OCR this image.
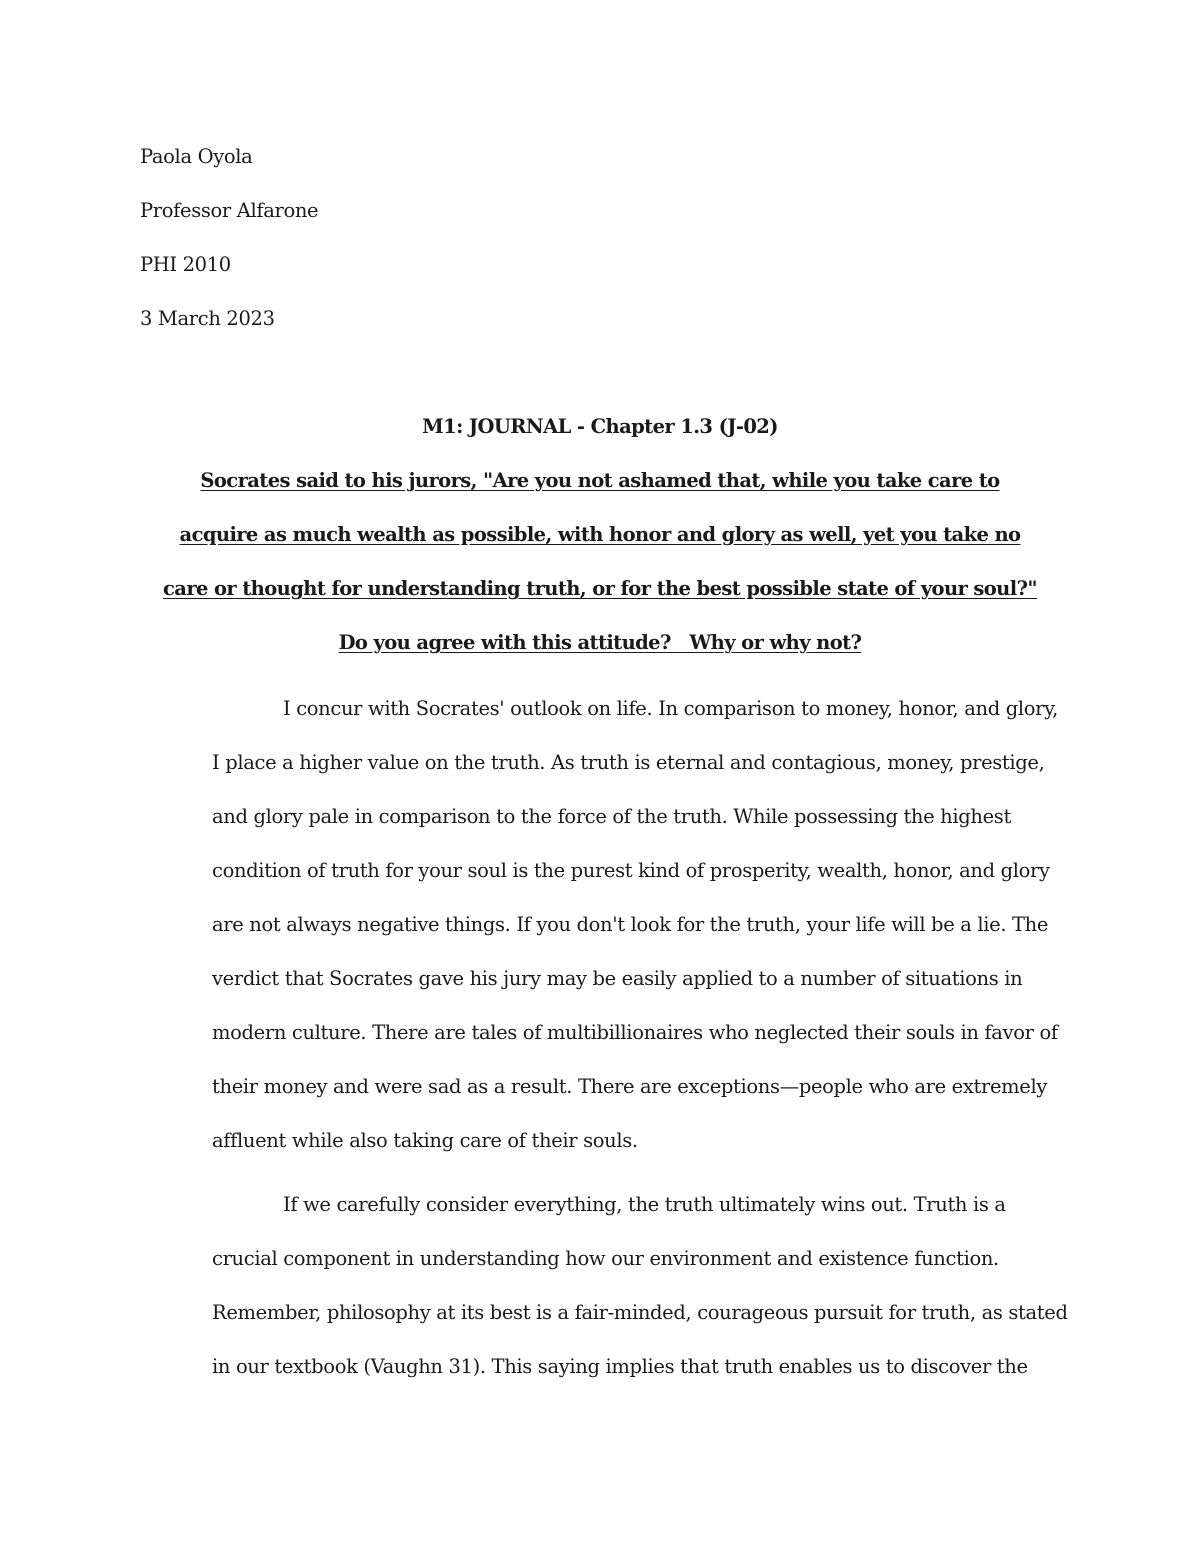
Paola Oyola
Professor Alfarone
PHI 2010
3 March 2023
M1: JOURNAL - Chapter 1.3 (J-02)
Socrates said to his jurors, "Are you not ashamed that, while you take care to
acquire as much wealth as possible, with honor and glory as well, yet you take no
care or thought for understanding truth, or for the best possible state of your soul?"
Do you agree with this attitude?   Why or why not?
I concur with Socrates' outlook on life. In comparison to money, honor, and glory,
I place a higher value on the truth. As truth is eternal and contagious, money, prestige,
and glory pale in comparison to the force of the truth. While possessing the highest
condition of truth for your soul is the purest kind of prosperity, wealth, honor, and glory
are not always negative things. If you don't look for the truth, your life will be a lie. The
verdict that Socrates gave his jury may be easily applied to a number of situations in
modern culture. There are tales of multibillionaires who neglected their souls in favor of
their money and were sad as a result. There are exceptions—people who are extremely
affluent while also taking care of their souls.
If we carefully consider everything, the truth ultimately wins out. Truth is a
crucial component in understanding how our environment and existence function.
Remember, philosophy at its best is a fair-minded, courageous pursuit for truth, as stated
in our textbook (Vaughn 31). This saying implies that truth enables us to discover the
